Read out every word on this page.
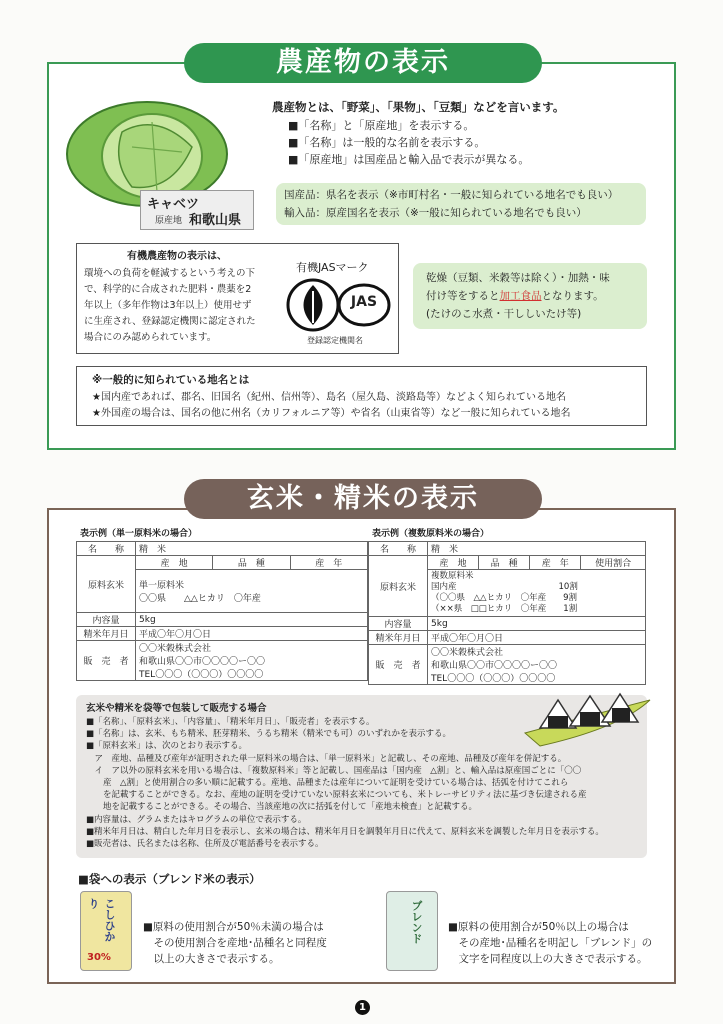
農産物の表示
キャベツ
原産地 和歌山県
農産物とは、「野菜」、「果物」、「豆類」などを言います。
■「名称」と「原産地」を表示する。
■「名称」は一般的な名前を表示する。
■「原産地」は国産品と輸入品で表示が異なる。
国産品：県名を表示（※市町村名・一般に知られている地名でも良い）
輸入品：原産国名を表示（※一般に知られている地名でも良い）
有機農産物の表示は、
環境への負荷を軽減するという考えの下
で、科学的に合成された肥料・農薬を2
年以上（多年作物は3年以上）使用せず
に生産され、登録認定機関に認定された
場合にのみ認められています。
有機JASマーク
JAS
登録認定機関名
乾燥（豆類、米穀等は除く）・加熱・味
付け等をすると加工食品となります。
(たけのこ水煮・干ししいたけ等)
※一般的に知られている地名とは
★国内産であれば、郡名、旧国名（紀州、信州等）、島名（屋久島、淡路島等）などよく知られている地名
★外国産の場合は、国名の他に州名（カリフォルニア等）や省名（山東省等）など一般に知られている地名
玄米・精米の表示
表示例（単一原料米の場合）
名　　称	精　米		
原料玄米	産　地	品　種	産　年

	単一原料米
〇〇県　　△△ヒカリ　〇年産		

内容量	5kg		
精米年月日	平成〇年〇月〇日		
販　売　者	〇〇米穀株式会社
和歌山県〇〇市〇〇〇〇ー〇〇
TEL〇〇〇（〇〇〇）〇〇〇〇		
表示例（複数原料米の場合）
名　　称	精　米			
原料玄米	産　地	品　種	産　年	使用割合

	複数原料米
国内産　　　　　　　　　　　　10割
（〇〇県　△△ヒカリ　〇年産　　9割
（××県　□□ヒカリ　〇年産　　1割			

内容量	5kg			
精米年月日	平成〇年〇月〇日			
販　売　者	〇〇米穀株式会社
和歌山県〇〇市〇〇〇〇ー〇〇
TEL〇〇〇（〇〇〇）〇〇〇〇			
玄米や精米を袋等で包装して販売する場合
■「名称」、「原料玄米」、「内容量」、「精米年月日」、「販売者」を表示する。
■「名称」は、玄米、もち精米、胚芽精米、うるち精米（精米でも可）のいずれかを表示する。
■「原料玄米」は、次のとおり表示する。
　ア　産地、品種及び産年が証明された単一原料米の場合は、「単一原料米」と記載し、その産地、品種及び産年を併記する。
　イ　ア以外の原料玄米を用いる場合は、「複数原料米」等と記載し、国産品は「国内産　△割」と、輸入品は原産国ごとに「〇〇
　　産　△割」と使用割合の多い順に記載する。産地、品種または産年について証明を受けている場合は、括弧を付けてこれら
　　を記載することができる。なお、産地の証明を受けていない原料玄米についても、米トレーサビリティ法に基づき伝達される産
　　地を記載することができる。その場合、当該産地の次に括弧を付して「産地未検査」と記載する。
■内容量は、グラムまたはキログラムの単位で表示する。
■精米年月日は、精白した年月日を表示し、玄米の場合は、精米年月日を調製年月日に代えて、原料玄米を調製した年月日を表示する。
■販売者は、氏名または名称、住所及び電話番号を表示する。
■袋への表示（ブレンド米の表示）
こしひかり
30%
■原料の使用割合が50％未満の場合は
　その使用割合を産地･品種名と同程度
　以上の大きさで表示する。
ブレンド ■原料の使用割合が50％以上の場合は
　その産地･品種名を明記し「ブレンド」の
　文字を同程度以上の大きさで表示する。
1
